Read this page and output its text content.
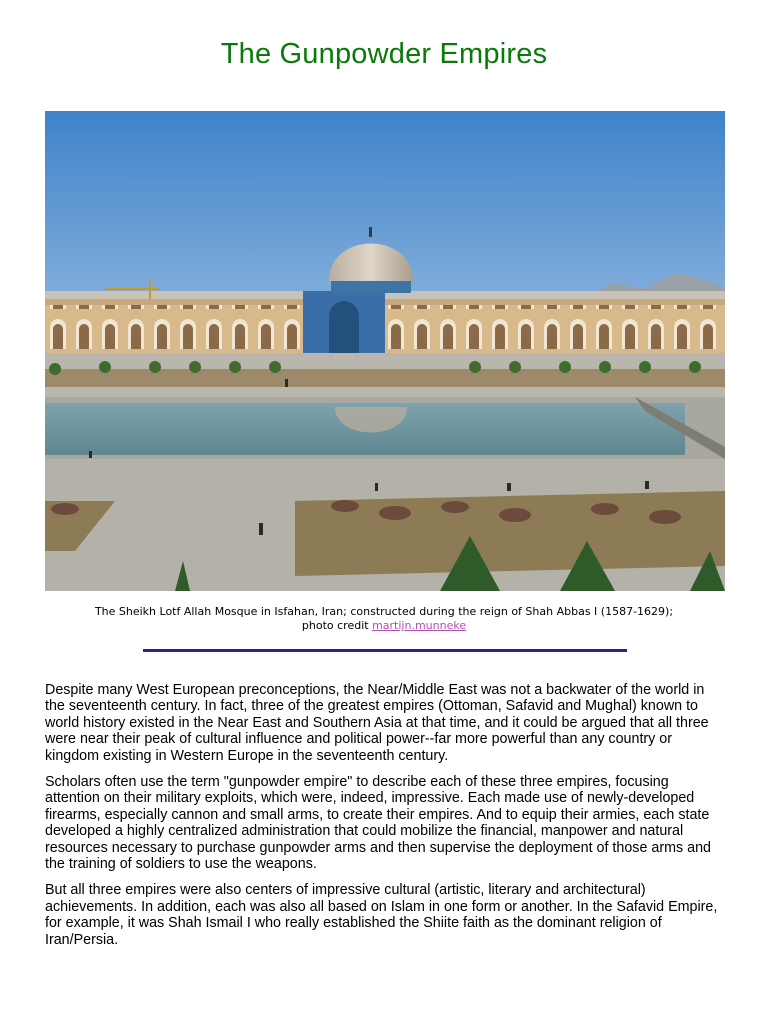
The Gunpowder Empires
The Sheikh Lotf Allah Mosque in Isfahan, Iran; constructed during the reign of Shah Abbas I (1587-1629);
photo credit martijn.munneke

Despite many West European preconceptions, the Near/Middle East was not a backwater of the world in the seventeenth century. In fact, three of the greatest empires (Ottoman, Safavid and Mughal) known to world history existed in the Near East and Southern Asia at that time, and it could be argued that all three were near their peak of cultural influence and political power--far more powerful than any country or kingdom existing in Western Europe in the seventeenth century.

Scholars often use the term "gunpowder empire" to describe each of these three empires, focusing attention on their military exploits, which were, indeed, impressive. Each made use of newly-developed firearms, especially cannon and small arms, to create their empires. And to equip their armies, each state developed a highly centralized administration that could mobilize the financial, manpower and natural resources necessary to purchase gunpowder arms and then supervise the deployment of those arms and the training of soldiers to use the weapons.

But all three empires were also centers of impressive cultural (artistic, literary and architectural) achievements. In addition, each was also all based on Islam in one form or another. In the Safavid Empire, for example, it was Shah Ismail I who really established the Shiite faith as the dominant religion of Iran/Persia.
